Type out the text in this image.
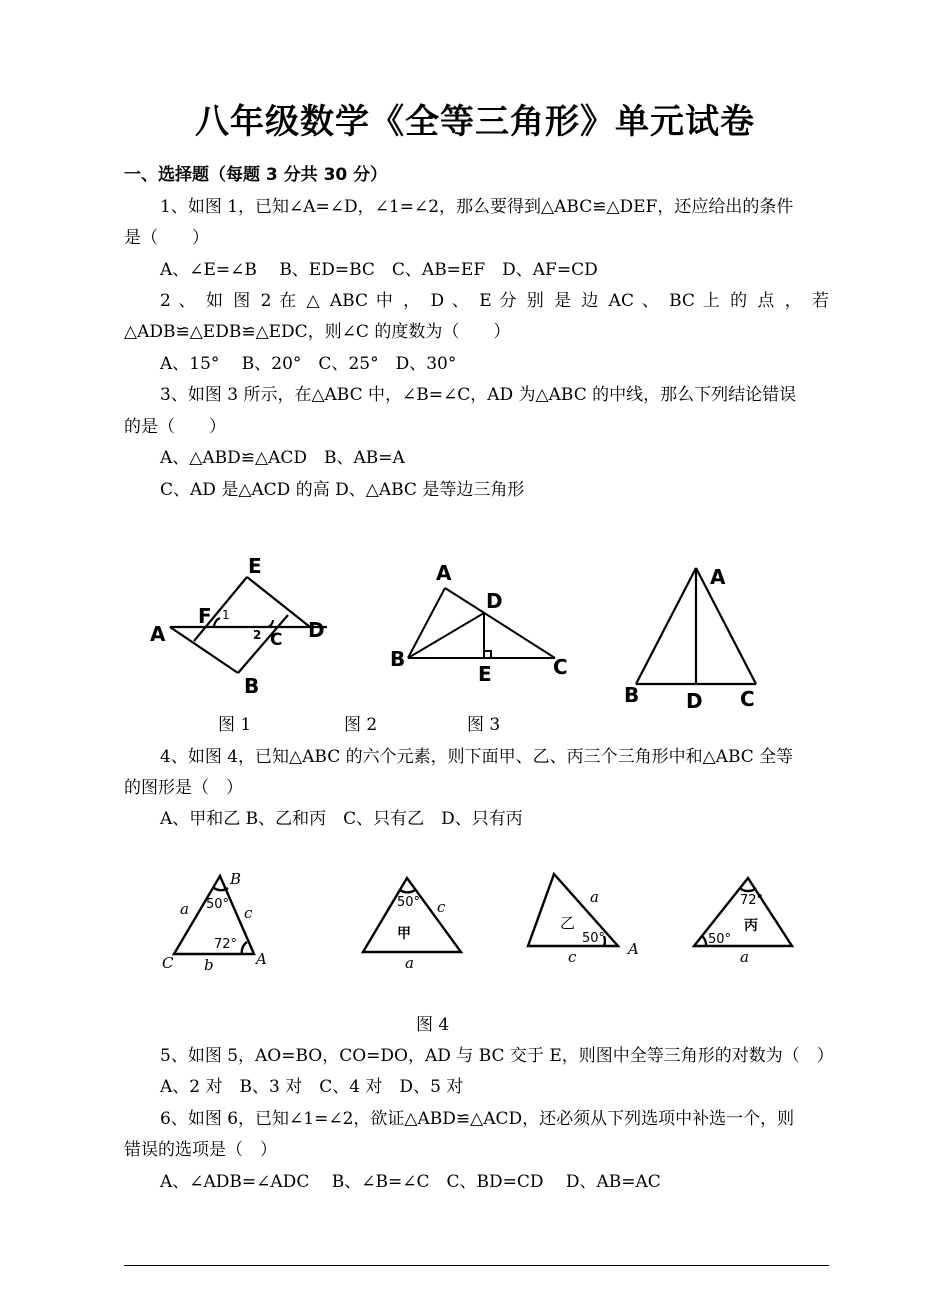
八年级数学《全等三角形》单元试卷
一、选择题（每题 3 分共 30 分）
1、如图 1，已知∠A=∠D，∠1=∠2，那么要得到△ABC≌△DEF，还应给出的条件
是（　　）
A、∠E=∠B　 B、ED=BC　C、AB=EF　D、AF=CD
2 、 如 图 2 在 △ ABC 中 ， D 、 E 分 别 是 边 AC 、 BC 上 的 点 ， 若
△ADB≌△EDB≌△EDC，则∠C 的度数为（　　）
A、15°　 B、20°　C、25°　D、30°
3、如图 3 所示，在△ABC 中，∠B=∠C，AD 为△ABC 的中线，那么下列结论错误
的是（　　）
A、△ABD≌△ACD　B、AB=A
C、AD 是△ACD 的高 D、△ABC 是等边三角形
A
B
C D
E
F 1
2
A
B	C
D
E
A
B	C
D
图 1	图 2	图 3
4、如图 4，已知△ABC 的六个元素，则下面甲、乙、丙三个三角形中和△ABC 全等
的图形是（　）
A、甲和乙 B、乙和丙　C、只有乙　D、只有丙
B
C	A
a
b
c
50°
72°
50°
甲
c
a
乙
50°
a
c	A
72°
50°
丙
a
图 4
5、如图 5，AO=BO，CO=DO，AD 与 BC 交于 E，则图中全等三角形的对数为（　）
A、2 对　B、3 对　C、4 对　D、5 对
6、如图 6，已知∠1=∠2，欲证△ABD≌△ACD，还必须从下列选项中补选一个，则
错误的选项是（　）
A、∠ADB=∠ADC　 B、∠B=∠C　C、BD=CD　 D、AB=AC
